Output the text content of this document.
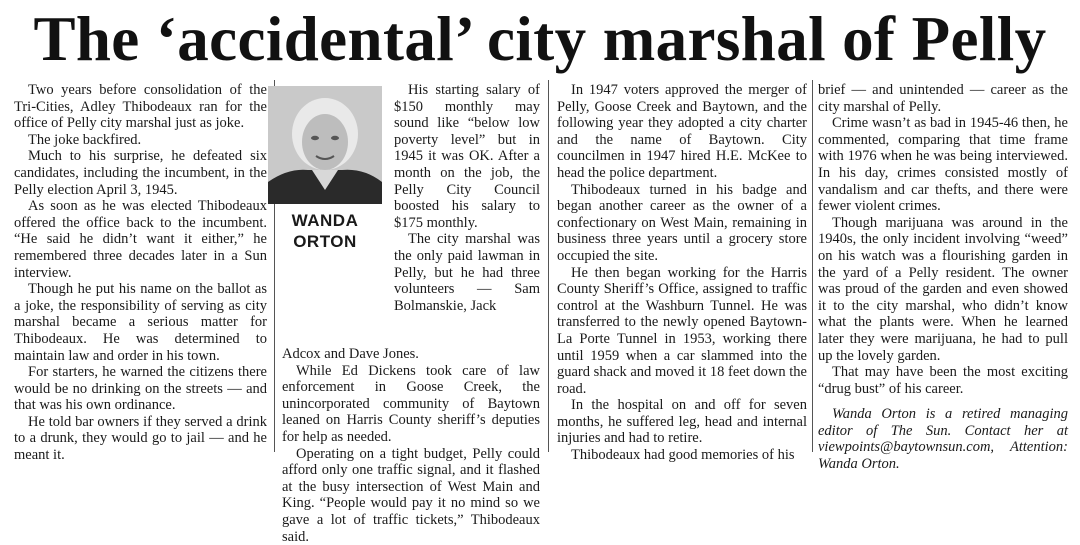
The ‘accidental’ city marshal of Pelly

Two years before consolidation of the Tri-Cities, Adley Thibodeaux ran for the office of Pelly city marshal just as joke.

The joke backfired.

Much to his surprise, he defeated six candidates, including the incumbent, in the Pelly election April 3, 1945.

As soon as he was elected Thibodeaux offered the office back to the incumbent. “He said he didn’t want it either,” he remembered three decades later in a Sun interview.

Though he put his name on the ballot as a joke, the responsibility of serving as city marshal became a serious matter for Thibodeaux. He was determined to maintain law and order in his town.

For starters, he warned the citizens there would be no drinking on the streets — and that was his own ordinance.

He told bar owners if they served a drink to a drunk, they would go to jail — and he meant it.

WANDA
ORTON

His starting salary of $150 monthly may sound like “below low poverty level” but in 1945 it was OK. After a month on the job, the Pelly City Council boosted his salary to $175 monthly.

The city marshal was the only paid lawman in Pelly, but he had three volunteers — Sam Bolmanskie, Jack

Adcox and Dave Jones.

While Ed Dickens took care of law enforcement in Goose Creek, the unincorporated community of Baytown leaned on Harris County sheriff’s deputies for help as needed.

Operating on a tight budget, Pelly could afford only one traffic signal, and it flashed at the busy intersection of West Main and King. “People would pay it no mind so we gave a lot of traffic tickets,” Thibodeaux said.

In 1947 voters approved the merger of Pelly, Goose Creek and Baytown, and the following year they adopted a city charter and the name of Baytown. City councilmen in 1947 hired H.E. McKee to head the police department.

Thibodeaux turned in his badge and began another career as the owner of a confectionary on West Main, remaining in business three years until a grocery store occupied the site.

He then began working for the Harris County Sheriff’s Office, assigned to traffic control at the Washburn Tunnel. He was transferred to the newly opened Baytown-La Porte Tunnel in 1953, working there until 1959 when a car slammed into the guard shack and moved it 18 feet down the road.

In the hospital on and off for seven months, he suffered leg, head and internal injuries and had to retire.

Thibodeaux had good memories of his

brief — and unintended — career as the city marshal of Pelly.

Crime wasn’t as bad in 1945-46 then, he commented, comparing that time frame with 1976 when he was being interviewed. In his day, crimes consisted mostly of vandalism and car thefts, and there were fewer violent crimes.

Though marijuana was around in the 1940s, the only incident involving “weed” on his watch was a flourishing garden in the yard of a Pelly resident. The owner was proud of the garden and even showed it to the city marshal, who didn’t know what the plants were. When he learned later they were marijuana, he had to pull up the lovely garden.

That may have been the most exciting “drug bust” of his career.

Wanda Orton is a retired managing editor of The Sun. Contact her at viewpoints@baytownsun.com, Attention: Wanda Orton.
